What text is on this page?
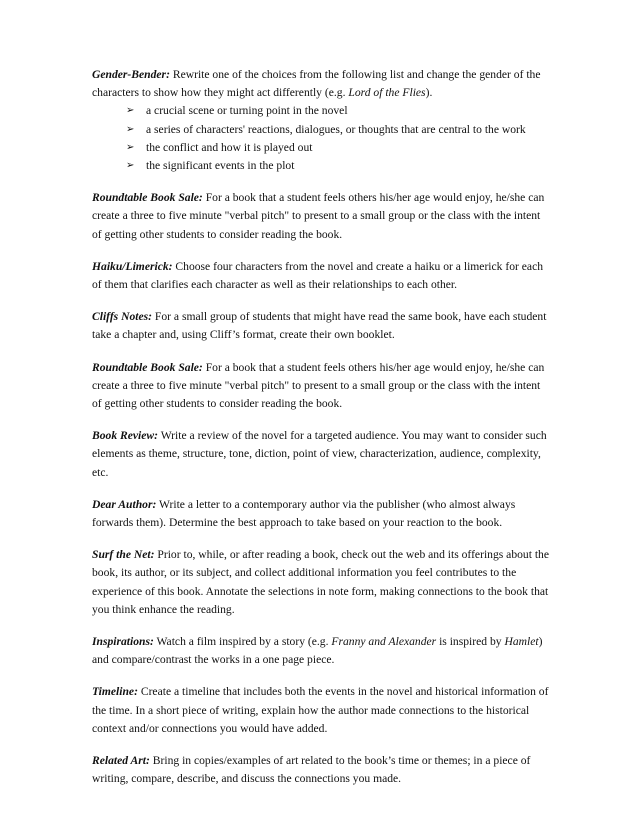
Gender-Bender: Rewrite one of the choices from the following list and change the gender of the characters to show how they might act differently (e.g. Lord of the Flies).

➢ a crucial scene or turning point in the novel
➢ a series of characters' reactions, dialogues, or thoughts that are central to the work
➢ the conflict and how it is played out
➢ the significant events in the plot

Roundtable Book Sale: For a book that a student feels others his/her age would enjoy, he/she can create a three to five minute "verbal pitch" to present to a small group or the class with the intent of getting other students to consider reading the book.

Haiku/Limerick: Choose four characters from the novel and create a haiku or a limerick for each of them that clarifies each character as well as their relationships to each other.

Cliffs Notes: For a small group of students that might have read the same book, have each student take a chapter and, using Cliff’s format, create their own booklet.

Roundtable Book Sale: For a book that a student feels others his/her age would enjoy, he/she can create a three to five minute "verbal pitch" to present to a small group or the class with the intent of getting other students to consider reading the book.

Book Review: Write a review of the novel for a targeted audience. You may want to consider such elements as theme, structure, tone, diction, point of view, characterization, audience, complexity, etc.

Dear Author: Write a letter to a contemporary author via the publisher (who almost always forwards them). Determine the best approach to take based on your reaction to the book.

Surf the Net: Prior to, while, or after reading a book, check out the web and its offerings about the book, its author, or its subject, and collect additional information you feel contributes to the experience of this book. Annotate the selections in note form, making connections to the book that you think enhance the reading.

Inspirations: Watch a film inspired by a story (e.g. Franny and Alexander is inspired by Hamlet) and compare/contrast the works in a one page piece.

Timeline: Create a timeline that includes both the events in the novel and historical information of the time. In a short piece of writing, explain how the author made connections to the historical context and/or connections you would have added.

Related Art: Bring in copies/examples of art related to the book’s time or themes; in a piece of writing, compare, describe, and discuss the connections you made.
